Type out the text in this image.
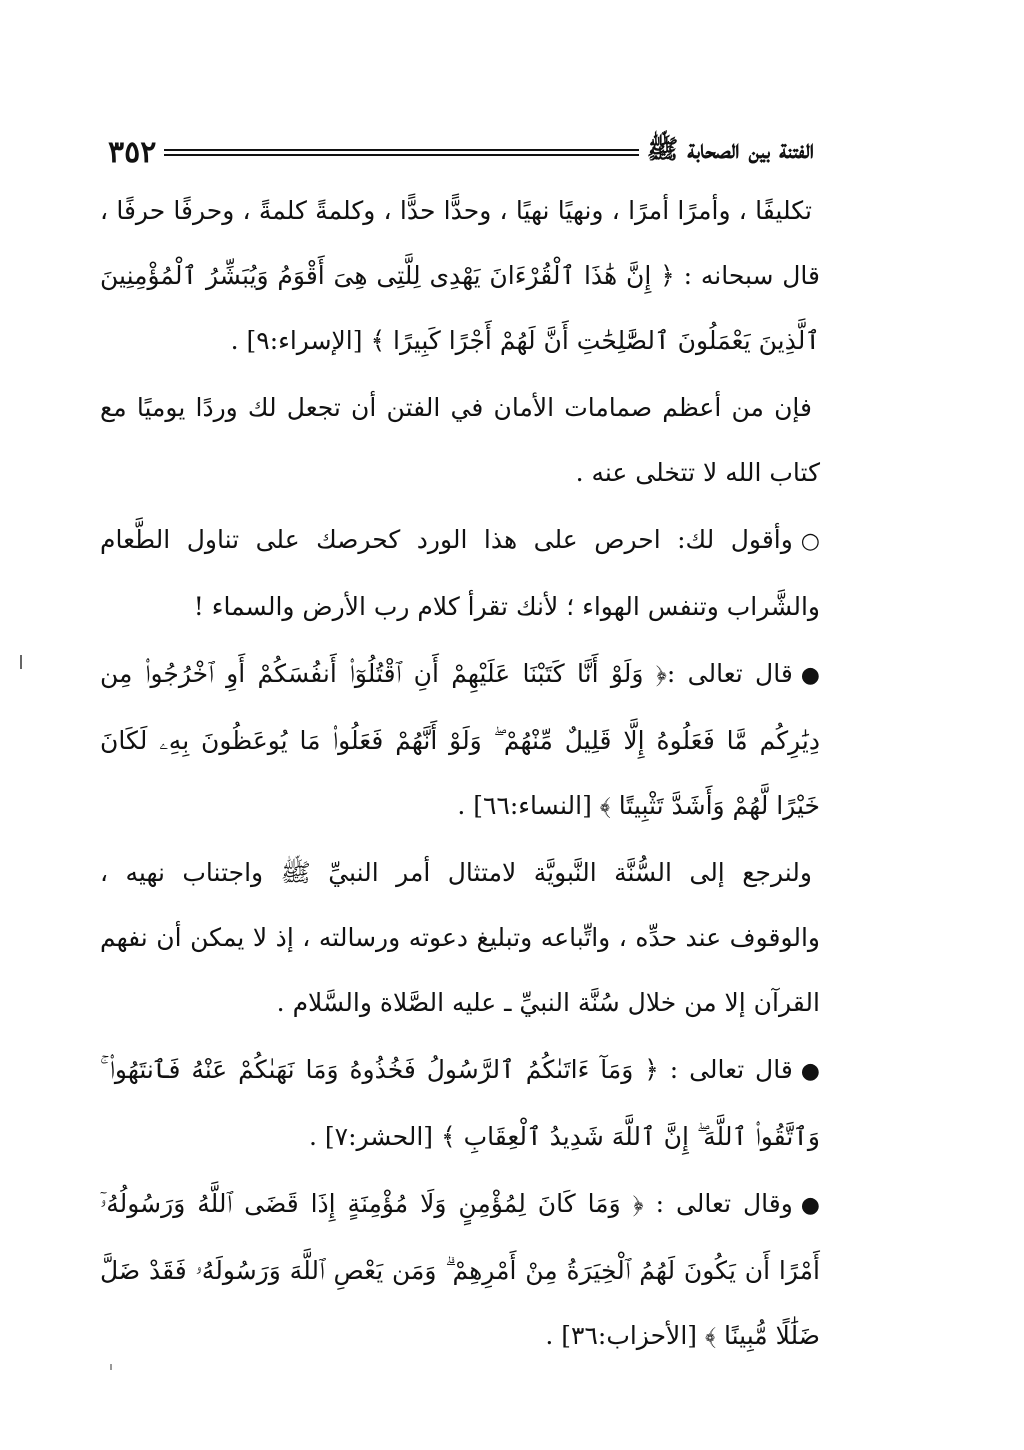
الفتنة بين الصحابة ﷺ
٣٥٢

تكليفًا ، وأمرًا أمرًا ، ونهيًا نهيًا ، وحدًّا حدًّا ، وكلمةً كلمةً ، وحرفًا حرفًا ، قال سبحانه : ﴿ إِنَّ هَٰذَا ٱلْقُرْءَانَ يَهْدِى لِلَّتِى هِىَ أَقْوَمُ وَيُبَشِّرُ ٱلْمُؤْمِنِينَ ٱلَّذِينَ يَعْمَلُونَ ٱلصَّٰلِحَٰتِ أَنَّ لَهُمْ أَجْرًا كَبِيرًا ﴾ [الإسراء:٩] .

فإن من أعظم صمامات الأمان في الفتن أن تجعل لك وردًا يوميًا مع كتاب الله لا تتخلى عنه .

○وأقول لك: احرص على هذا الورد كحرصك على تناول الطَّعام والشَّراب وتنفس الهواء ؛ لأنك تقرأ كلام رب الأرض والسماء !

●قال تعالى :﴿ وَلَوْ أَنَّا كَتَبْنَا عَلَيْهِمْ أَنِ ٱقْتُلُوٓا۟ أَنفُسَكُمْ أَوِ ٱخْرُجُوا۟ مِن دِيَٰرِكُم مَّا فَعَلُوهُ إِلَّا قَلِيلٌ مِّنْهُمْ ۖ وَلَوْ أَنَّهُمْ فَعَلُوا۟ مَا يُوعَظُونَ بِهِۦ لَكَانَ خَيْرًا لَّهُمْ وَأَشَدَّ تَثْبِيتًا ﴾ [النساء:٦٦] .

ولنرجع إلى السُّنَّة النَّبويَّة لامتثال أمر النبيِّ ﷺ واجتناب نهيه ، والوقوف عند حدِّه ، واتِّباعه وتبليغ دعوته ورسالته ، إذ لا يمكن أن نفهم القرآن إلا من خلال سُنَّة النبيِّ ـ عليه الصَّلاة والسَّلام .

●قال تعالى : ﴿ وَمَآ ءَاتَىٰكُمُ ٱلرَّسُولُ فَخُذُوهُ وَمَا نَهَىٰكُمْ عَنْهُ فَٱنتَهُوا۟ ۚ وَٱتَّقُوا۟ ٱللَّهَ ۖ إِنَّ ٱللَّهَ شَدِيدُ ٱلْعِقَابِ ﴾ [الحشر:٧] .

●وقال تعالى : ﴿ وَمَا كَانَ لِمُؤْمِنٍ وَلَا مُؤْمِنَةٍ إِذَا قَضَى ٱللَّهُ وَرَسُولُهُۥٓ أَمْرًا أَن يَكُونَ لَهُمُ ٱلْخِيَرَةُ مِنْ أَمْرِهِمْ ۗ وَمَن يَعْصِ ٱللَّهَ وَرَسُولَهُۥ فَقَدْ ضَلَّ ضَلَٰلًا مُّبِينًا ﴾ [الأحزاب:٣٦] .
